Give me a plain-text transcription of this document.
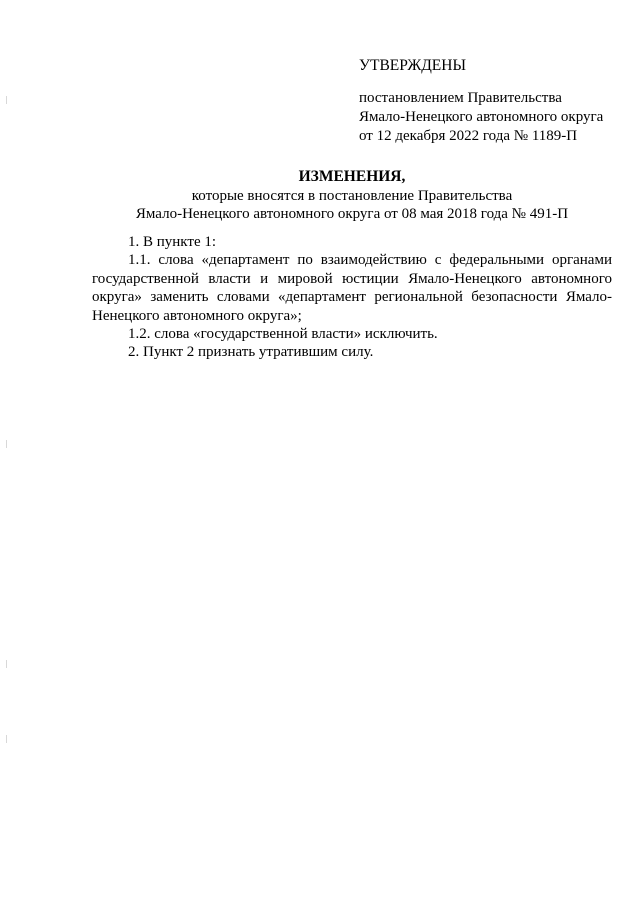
УТВЕРЖДЕНЫ

постановлением Правительства
Ямало-Ненецкого автономного округа
от 12 декабря 2022 года № 1189-П
ИЗМЕНЕНИЯ,
которые вносятся в постановление Правительства
Ямало-Ненецкого автономного округа от 08 мая 2018 года № 491-П

1. В пункте 1:

1.1. слова «департамент по взаимодействию с федеральными органами государственной власти и мировой юстиции Ямало-Ненецкого автономного округа» заменить словами «департамент региональной безопасности Ямало-Ненецкого автономного округа»;

1.2. слова «государственной власти» исключить.

2. Пункт 2 признать утратившим силу.
